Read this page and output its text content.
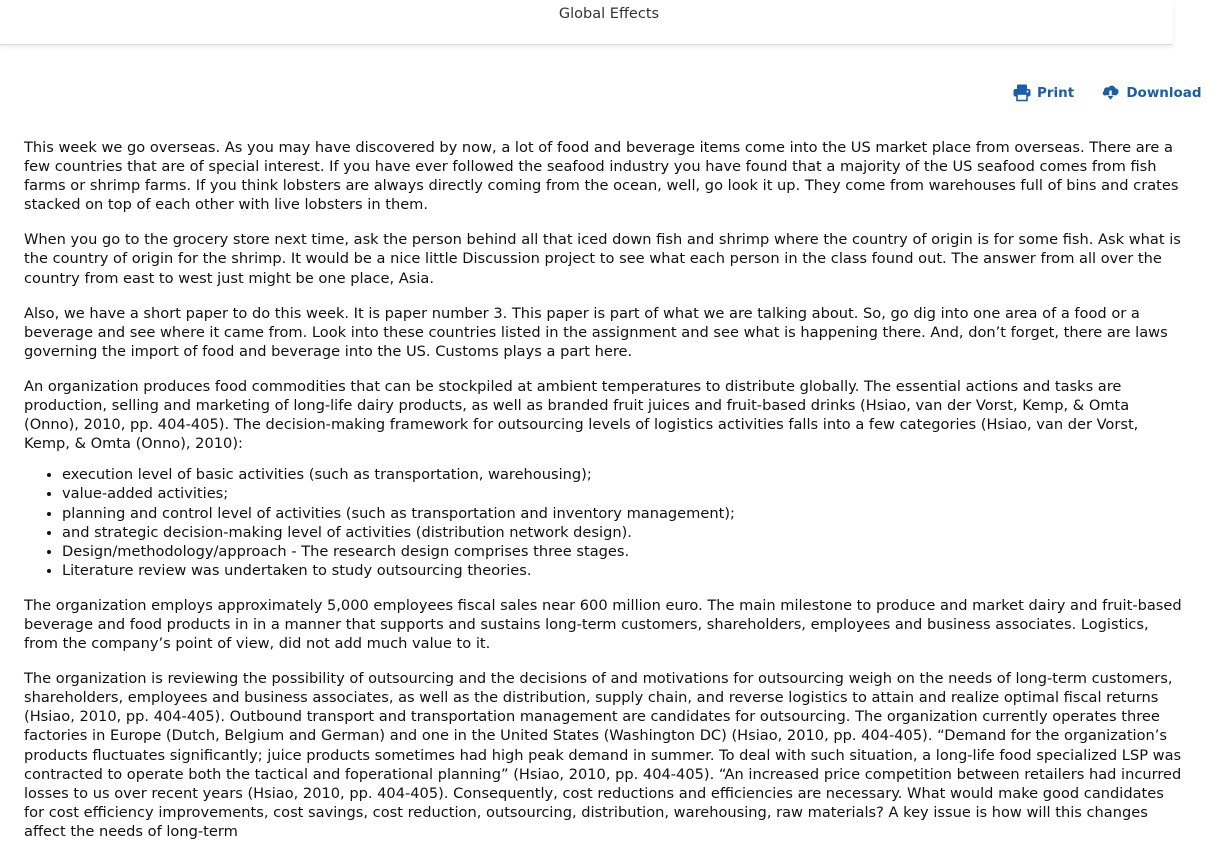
Global Effects
Print
	Download

This week we go overseas. As you may have discovered by now, a lot of food and beverage items come into the US market place from overseas. There are a few countries that are of special interest. If you have ever followed the seafood industry you have found that a majority of the US seafood comes from fish farms or shrimp farms. If you think lobsters are always directly coming from the ocean, well, go look it up. They come from warehouses full of bins and crates stacked on top of each other with live lobsters in them.

When you go to the grocery store next time, ask the person behind all that iced down fish and shrimp where the country of origin is for some fish. Ask what is the country of origin for the shrimp. It would be a nice little Discussion project to see what each person in the class found out. The answer from all over the country from east to west just might be one place, Asia.

Also, we have a short paper to do this week. It is paper number 3. This paper is part of what we are talking about. So, go dig into one area of a food or a beverage and see where it came from. Look into these countries listed in the assignment and see what is happening there. And, don’t forget, there are laws governing the import of food and beverage into the US. Customs plays a part here.

An organization produces food commodities that can be stockpiled at ambient temperatures to distribute globally. The essential actions and tasks are production, selling and marketing of long-life dairy products, as well as branded fruit juices and fruit-based drinks (Hsiao, van der Vorst, Kemp, & Omta (Onno), 2010, pp. 404-405). The decision-making framework for outsourcing levels of logistics activities falls into a few categories (Hsiao, van der Vorst, Kemp, & Omta (Onno), 2010):

• execution level of basic activities (such as transportation, warehousing);
• value-added activities;
• planning and control level of activities (such as transportation and inventory management);
• and strategic decision-making level of activities (distribution network design).
• Design/methodology/approach - The research design comprises three stages.
• Literature review was undertaken to study outsourcing theories.

The organization employs approximately 5,000 employees fiscal sales near 600 million euro. The main milestone to produce and market dairy and fruit-based beverage and food products in in a manner that supports and sustains long-term customers, shareholders, employees and business associates. Logistics, from the company’s point of view, did not add much value to it.

The organization is reviewing the possibility of outsourcing and the decisions of and motivations for outsourcing weigh on the needs of long-term customers, shareholders, employees and business associates, as well as the distribution, supply chain, and reverse logistics to attain and realize optimal fiscal returns (Hsiao, 2010, pp. 404-405). Outbound transport and transportation management are candidates for outsourcing. The organization currently operates three factories in Europe (Dutch, Belgium and German) and one in the United States (Washington DC) (Hsiao, 2010, pp. 404-405). “Demand for the organization’s products fluctuates significantly; juice products sometimes had high peak demand in summer. To deal with such situation, a long-life food specialized LSP was contracted to operate both the tactical and foperational planning” (Hsiao, 2010, pp. 404-405). “An increased price competition between retailers had incurred losses to us over recent years (Hsiao, 2010, pp. 404-405). Consequently, cost reductions and efficiencies are necessary. What would make good candidates for cost efficiency improvements, cost savings, cost reduction, outsourcing, distribution, warehousing, raw materials? A key issue is how will this changes affect the needs of long-term
